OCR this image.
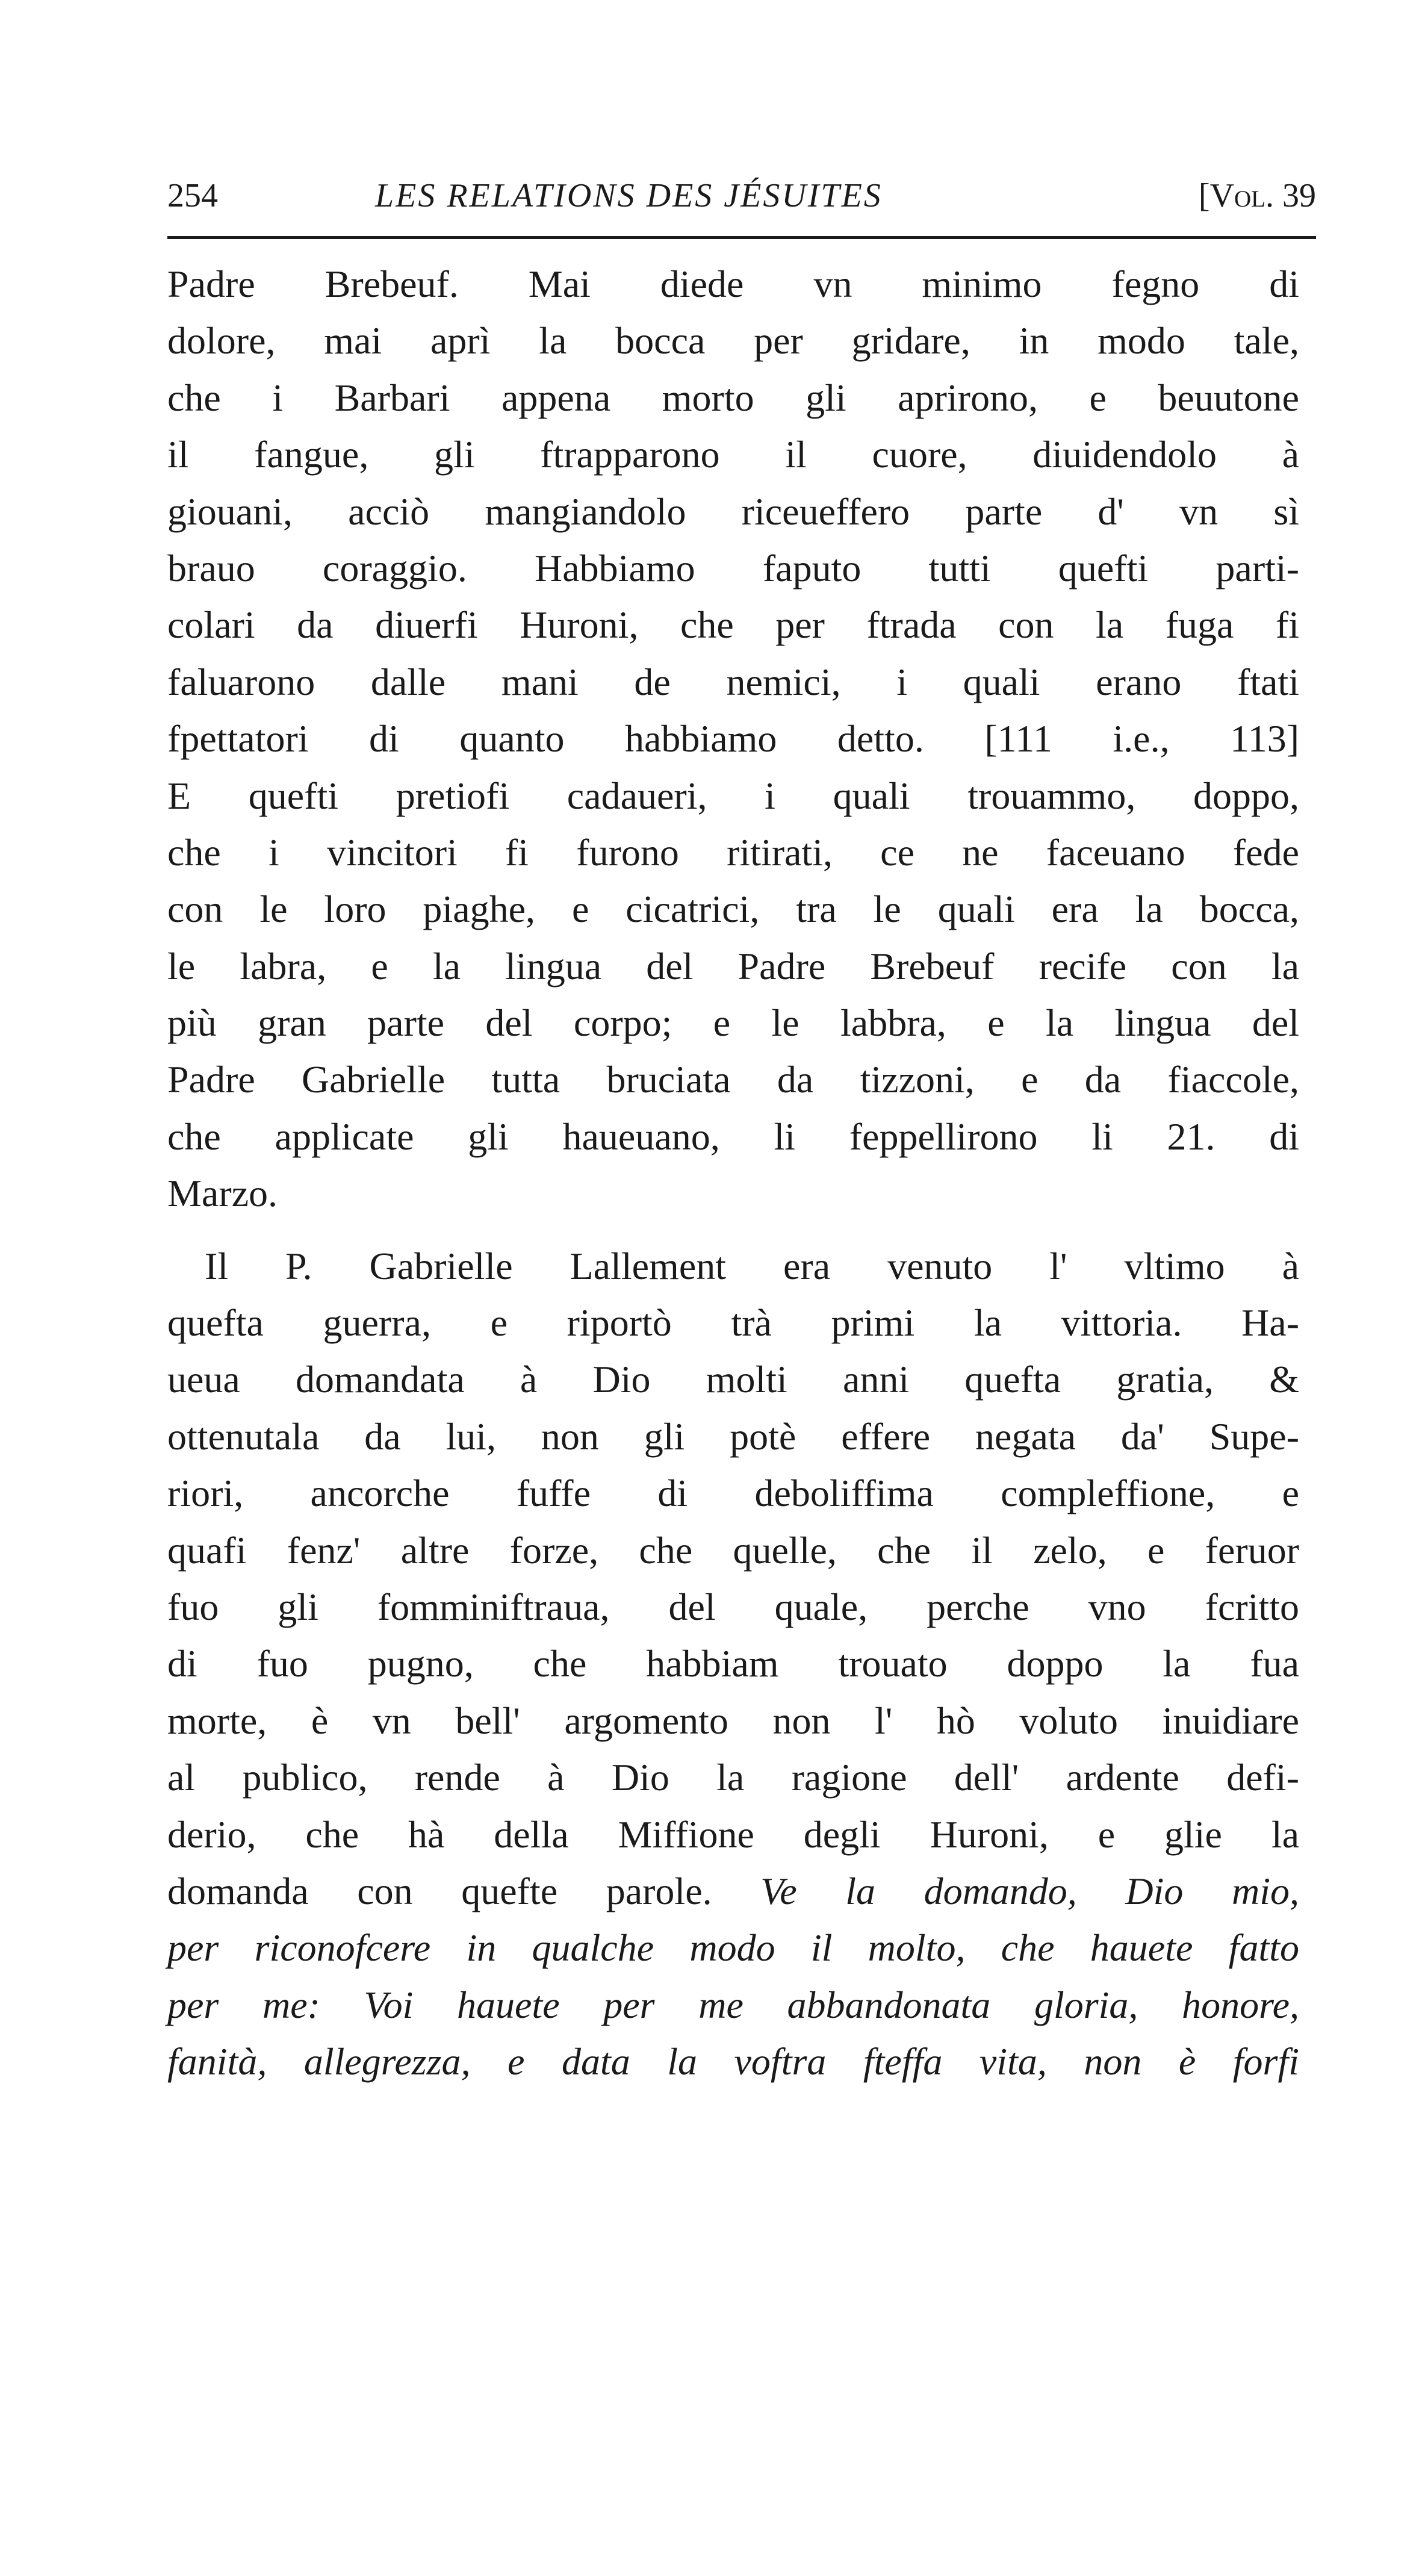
254	LES RELATIONS DES JÉSUITES	[Vol. 39
Padre Brebeuf. Mai diede vn minimo fegno di
dolore, mai aprì la bocca per gridare, in modo tale,
che i Barbari appena morto gli aprirono, e beuutone
il fangue, gli ftrapparono il cuore, diuidendolo à
giouani, acciò mangiandolo riceueffero parte d' vn sì
brauo coraggio. Habbiamo faputo tutti quefti parti-
colari da diuerfi Huroni, che per ftrada con la fuga fi
faluarono dalle mani de nemici, i quali erano ftati
fpettatori di quanto habbiamo detto. [111 i.e., 113]
E quefti pretiofi cadaueri, i quali trouammo, doppo,
che i vincitori fi furono ritirati, ce ne faceuano fede
con le loro piaghe, e cicatrici, tra le quali era la bocca,
le labra, e la lingua del Padre Brebeuf recife con la
più gran parte del corpo; e le labbra, e la lingua del
Padre Gabrielle tutta bruciata da tizzoni, e da fiaccole,
che applicate gli haueuano, li feppellirono li 21. di
Marzo.
Il P. Gabrielle Lallement era venuto l' vltimo à
quefta guerra, e riportò trà primi la vittoria. Ha-
ueua domandata à Dio molti anni quefta gratia, &
ottenutala da lui, non gli potè effere negata da' Supe-
riori, ancorche fuffe di deboliffima compleffione, e
quafi fenz' altre forze, che quelle, che il zelo, e feruor
fuo gli fomminiftraua, del quale, perche vno fcritto
di fuo pugno, che habbiam trouato doppo la fua
morte, è vn bell' argomento non l' hò voluto inuidiare
al publico, rende à Dio la ragione dell' ardente defi-
derio, che hà della Miffione degli Huroni, e glie la
domanda con quefte parole. Ve la domando, Dio mio,
per riconofcere in qualche modo il molto, che hauete fatto
per me: Voi hauete per me abbandonata gloria, honore,
fanità, allegrezza, e data la voftra fteffa vita, non è forfi
